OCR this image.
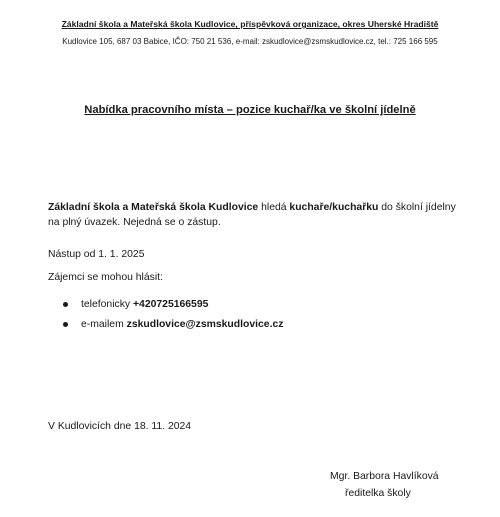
Základní škola a Mateřská škola Kudlovice, příspěvková organizace, okres Uherské Hradiště
Kudlovice 105, 687 03 Babice, IČO: 750 21 536, e-mail: zskudlovice@zsmskudlovice.cz, tel.: 725 166 595
Nabídka pracovního místa – pozice kuchař/ka ve školní jídelně
Základní škola a Mateřská škola Kudlovice hledá kuchaře/kuchařku do školní jídelny na plný úvazek. Nejedná se o zástup.
Nástup od 1. 1. 2025
Zájemci se mohou hlásit:
telefonicky +420725166595
e-mailem zskudlovice@zsmskudlovice.cz
V Kudlovicích dne 18. 11. 2024
Mgr. Barbora Havlíková
ředitelka školy
